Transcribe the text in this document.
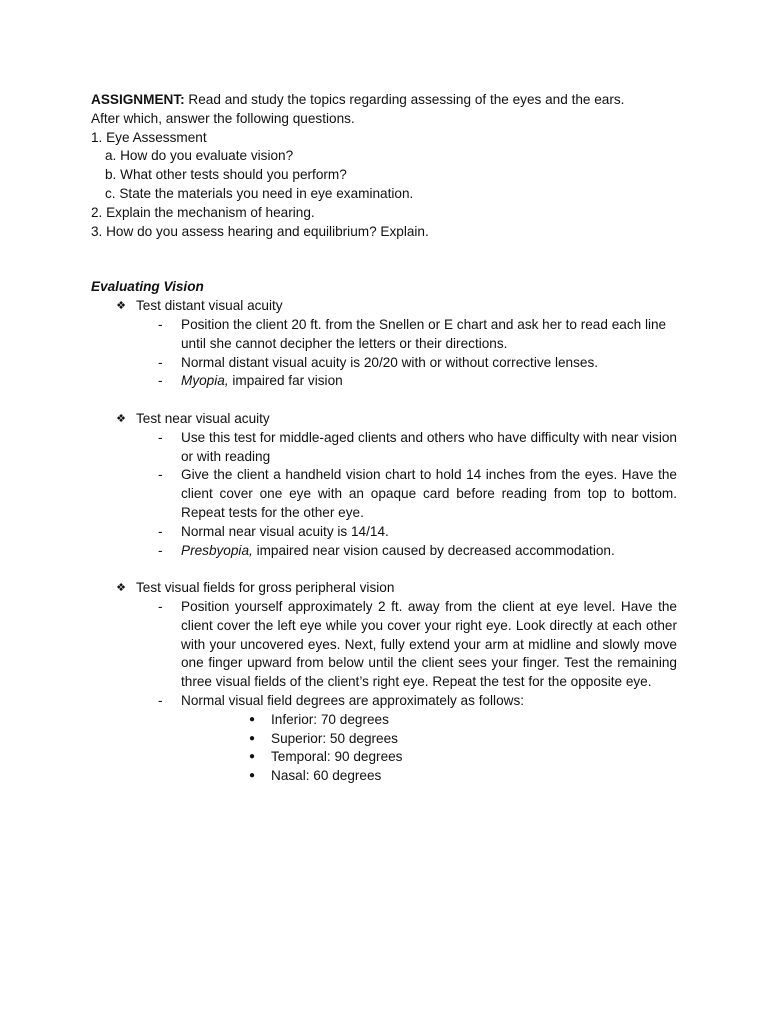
ASSIGNMENT: Read and study the topics regarding assessing of the eyes and the ears.
After which, answer the following questions.
1. Eye Assessment
a. How do you evaluate vision?
b. What other tests should you perform?
c. State the materials you need in eye examination.
2. Explain the mechanism of hearing.
3. How do you assess hearing and equilibrium? Explain.
Evaluating Vision
❖ Test distant visual acuity
- Position the client 20 ft. from the Snellen or E chart and ask her to read each line until she cannot decipher the letters or their directions.
- Normal distant visual acuity is 20/20 with or without corrective lenses.
- Myopia, impaired far vision
❖ Test near visual acuity
- Use this test for middle-aged clients and others who have difficulty with near vision or with reading
- Give the client a handheld vision chart to hold 14 inches from the eyes. Have the client cover one eye with an opaque card before reading from top to bottom. Repeat tests for the other eye.
- Normal near visual acuity is 14/14.
- Presbyopia, impaired near vision caused by decreased accommodation.
❖ Test visual fields for gross peripheral vision
- Position yourself approximately 2 ft. away from the client at eye level. Have the client cover the left eye while you cover your right eye. Look directly at each other with your uncovered eyes. Next, fully extend your arm at midline and slowly move one finger upward from below until the client sees your finger. Test the remaining three visual fields of the client’s right eye. Repeat the test for the opposite eye.
- Normal visual field degrees are approximately as follows:
● Inferior: 70 degrees
● Superior: 50 degrees
● Temporal: 90 degrees
● Nasal: 60 degrees
